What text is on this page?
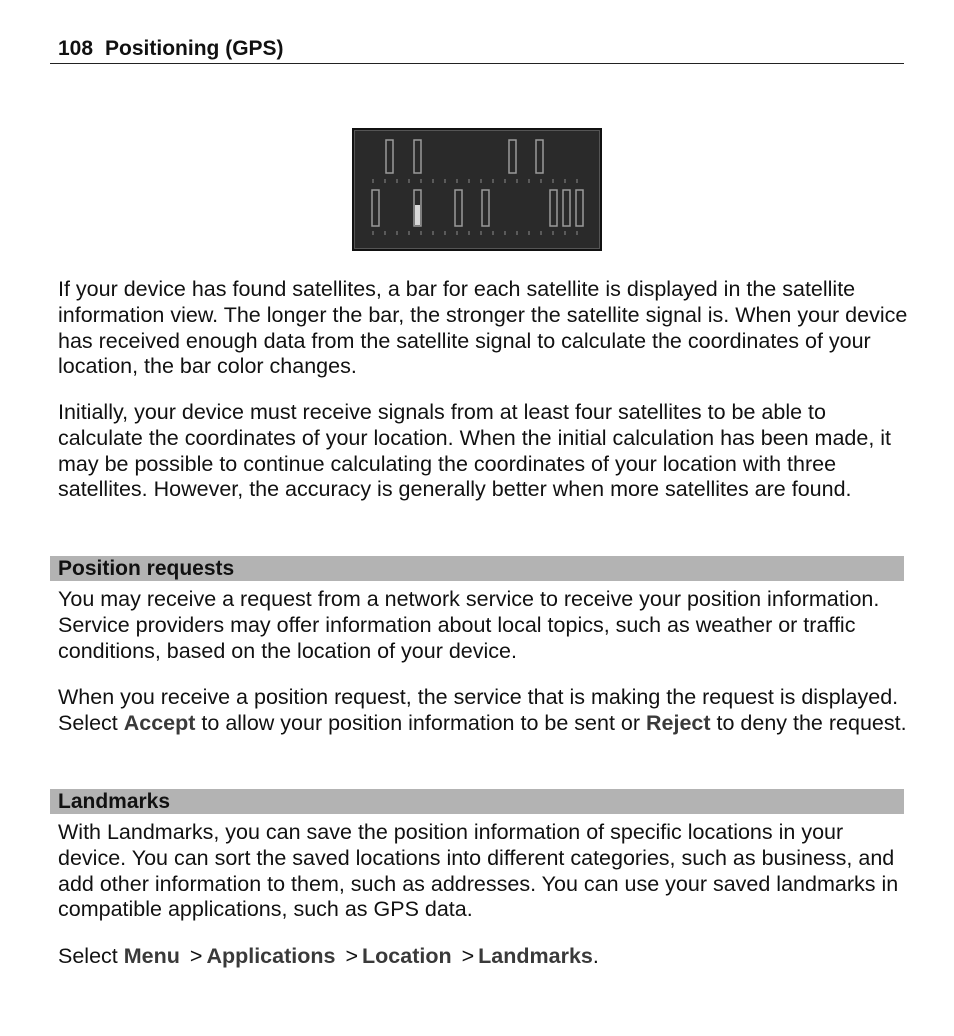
108 Positioning (GPS)

If your device has found satellites, a bar for each satellite is displayed in the satellite information view. The longer the bar, the stronger the satellite signal is. When your device has received enough data from the satellite signal to calculate the coordinates of your location, the bar color changes.

Initially, your device must receive signals from at least four satellites to be able to calculate the coordinates of your location. When the initial calculation has been made, it may be possible to continue calculating the coordinates of your location with three satellites. However, the accuracy is generally better when more satellites are found.

Position requests

You may receive a request from a network service to receive your position information. Service providers may offer information about local topics, such as weather or traffic conditions, based on the location of your device.

When you receive a position request, the service that is making the request is displayed. Select Accept to allow your position information to be sent or Reject to deny the request.

Landmarks

With Landmarks, you can save the position information of specific locations in your device. You can sort the saved locations into different categories, such as business, and add other information to them, such as addresses. You can use your saved landmarks in compatible applications, such as GPS data.

Select Menu > Applications > Location > Landmarks.
